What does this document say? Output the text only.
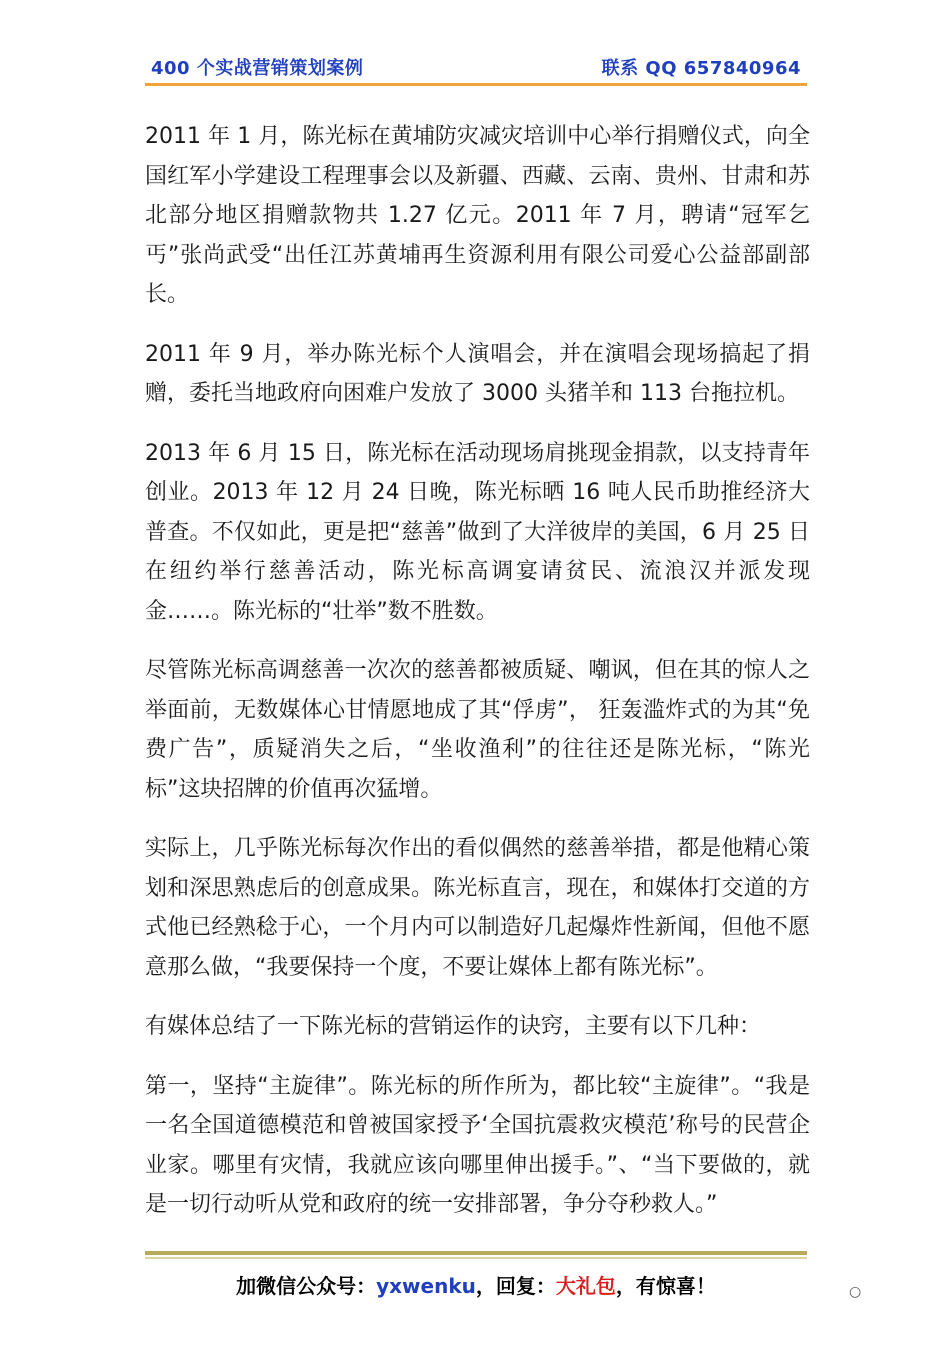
400 个实战营销策划案例	联系 QQ 657840964

2011 年 1 月，陈光标在黄埔防灾减灾培训中心举行捐赠仪式，向全国红军小学建设工程理事会以及新疆、西藏、云南、贵州、甘肃和苏北部分地区捐赠款物共 1.27 亿元。2011 年 7 月，聘请“冠军乞丐”张尚武受“出任江苏黄埔再生资源利用有限公司爱心公益部副部长。

2011 年 9 月，举办陈光标个人演唱会，并在演唱会现场搞起了捐赠，委托当地政府向困难户发放了 3000 头猪羊和 113 台拖拉机。

2013 年 6 月 15 日，陈光标在活动现场肩挑现金捐款，以支持青年创业。2013 年 12 月 24 日晚，陈光标晒 16 吨人民币助推经济大普查。不仅如此，更是把“慈善”做到了大洋彼岸的美国，6 月 25 日在纽约举行慈善活动，陈光标高调宴请贫民、流浪汉并派发现金……。陈光标的“壮举”数不胜数。

尽管陈光标高调慈善一次次的慈善都被质疑、嘲讽，但在其的惊人之举面前，无数媒体心甘情愿地成了其“俘虏”， 狂轰滥炸式的为其“免费广告”，质疑消失之后，“坐收渔利”的往往还是陈光标，“陈光标”这块招牌的价值再次猛增。

实际上，几乎陈光标每次作出的看似偶然的慈善举措，都是他精心策划和深思熟虑后的创意成果。陈光标直言，现在，和媒体打交道的方式他已经熟稔于心，一个月内可以制造好几起爆炸性新闻，但他不愿意那么做，“我要保持一个度，不要让媒体上都有陈光标”。

有媒体总结了一下陈光标的营销运作的诀窍，主要有以下几种：

第一，坚持“主旋律”。陈光标的所作所为，都比较“主旋律”。“我是一名全国道德模范和曾被国家授予‘全国抗震救灾模范’称号的民营企业家。哪里有灾情，我就应该向哪里伸出援手。”、“当下要做的，就是一切行动听从党和政府的统一安排部署，争分夺秒救人。”

加微信公众号：yxwenku，回复：大礼包，有惊喜！	○
